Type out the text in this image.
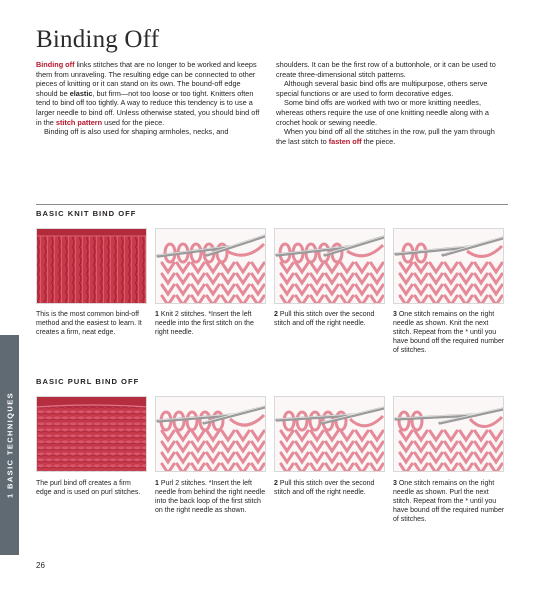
Binding Off

Binding off links stitches that are no longer to be worked and keeps them from unraveling. The resulting edge can be connected to other pieces of knitting or it can stand on its own. The bound-off edge should be elastic, but firm—not too loose or too tight. Knitters often tend to bind off too tightly. A way to reduce this tendency is to use a larger needle to bind off. Unless otherwise stated, you should bind off in the stitch pattern used for the piece.

Binding off is also used for shaping armholes, necks, and

shoulders. It can be the first row of a buttonhole, or it can be used to create three-dimensional stitch patterns.

Although several basic bind offs are multipurpose, others serve special functions or are used to form decorative edges.

Some bind offs are worked with two or more knitting needles, whereas others require the use of one knitting needle along with a crochet hook or sewing needle.

When you bind off all the stitches in the row, pull the yarn through the last stitch to fasten off the piece.

BASIC KNIT BIND OFF
This is the most common bind-off method and the easiest to learn. It creates a firm, neat edge.
1 Knit 2 stitches. *Insert the left needle into the first stitch on the right needle.
2 Pull this stitch over the second stitch and off the right needle.
3 One stitch remains on the right needle as shown. Knit the next stitch. Repeat from the * until you have bound off the required number of stitches.
BASIC PURL BIND OFF
The purl bind off creates a firm edge and is used on purl stitches.
1 Purl 2 stitches. *Insert the left needle from behind the right needle into the back loop of the first stitch on the right needle as shown.
2 Pull this stitch over the second stitch and off the right needle.
3 One stitch remains on the right needle as shown. Purl the next stitch. Repeat from the * until you have bound off the required number of stitches.
1 BASIC TECHNIQUES
26
